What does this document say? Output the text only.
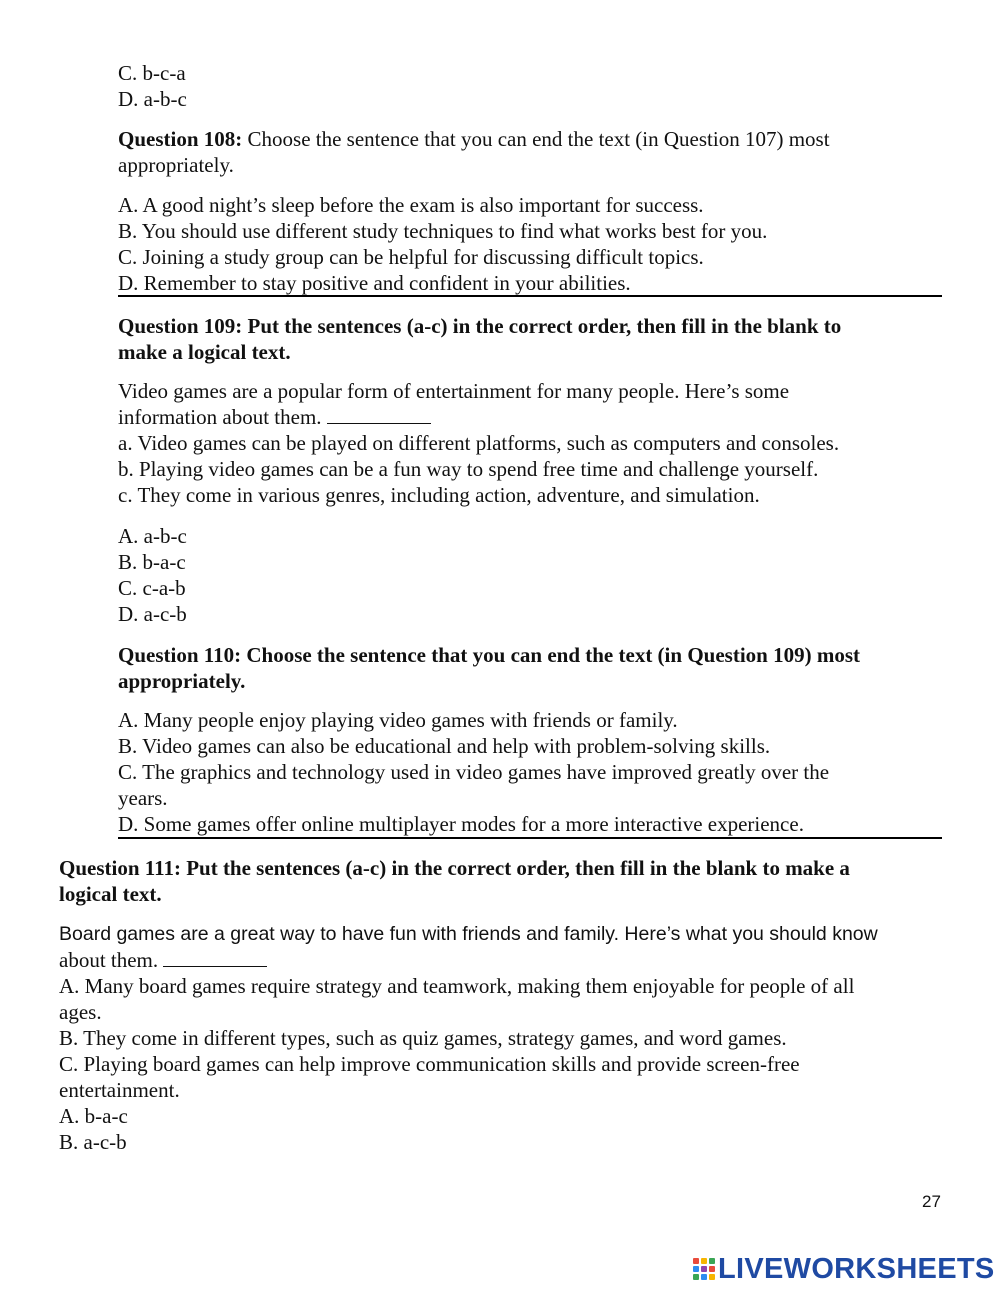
C. b-c-a
D. a-b-c
Question 108: Choose the sentence that you can end the text (in Question 107) most
appropriately.
A. A good night’s sleep before the exam is also important for success.
B. You should use different study techniques to find what works best for you.
C. Joining a study group can be helpful for discussing difficult topics.
D. Remember to stay positive and confident in your abilities.
Question 109: Put the sentences (a-c) in the correct order, then fill in the blank to
make a logical text.
Video games are a popular form of entertainment for many people. Here’s some
information about them.
a. Video games can be played on different platforms, such as computers and consoles.
b. Playing video games can be a fun way to spend free time and challenge yourself.
c. They come in various genres, including action, adventure, and simulation.
A. a-b-c
B. b-a-c
C. c-a-b
D. a-c-b
Question 110: Choose the sentence that you can end the text (in Question 109) most
appropriately.
A. Many people enjoy playing video games with friends or family.
B. Video games can also be educational and help with problem-solving skills.
C. The graphics and technology used in video games have improved greatly over the
years.
D. Some games offer online multiplayer modes for a more interactive experience.
Question 111: Put the sentences (a-c) in the correct order, then fill in the blank to make a
logical text.
Board games are a great way to have fun with friends and family. Here’s what you should know
about them.
A. Many board games require strategy and teamwork, making them enjoyable for people of all
ages.
B. They come in different types, such as quiz games, strategy games, and word games.
C. Playing board games can help improve communication skills and provide screen-free
entertainment.
A. b-a-c
B. a-c-b
27
LIVEWORKSHEETS
